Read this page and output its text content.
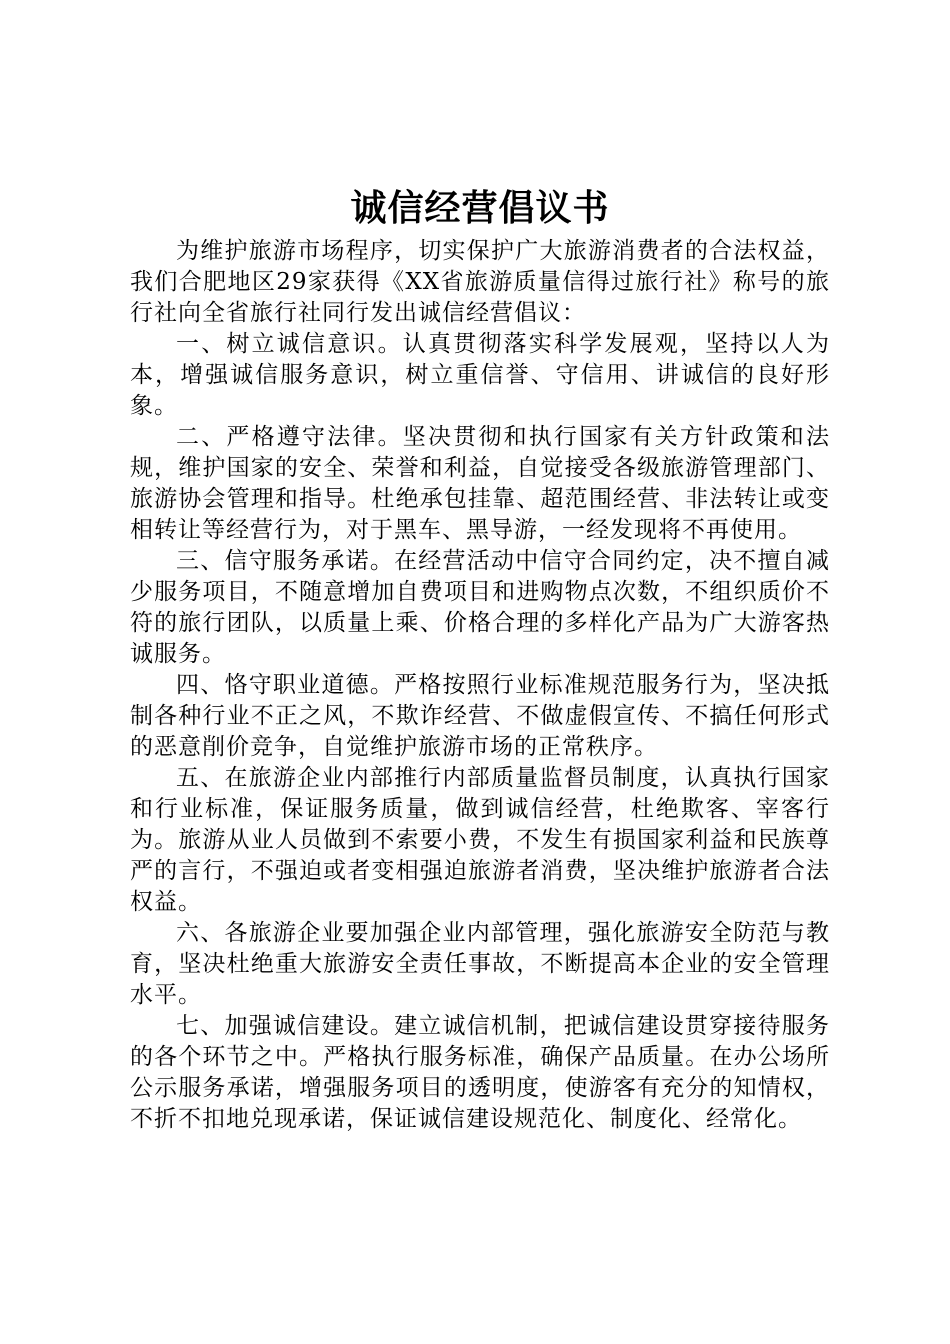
诚信经营倡议书

为维护旅游市场程序，切实保护广大旅游消费者的合法权益，我们合肥地区29家获得《XX省旅游质量信得过旅行社》称号的旅行社向全省旅行社同行发出诚信经营倡议：

一、树立诚信意识。认真贯彻落实科学发展观，坚持以人为本，增强诚信服务意识，树立重信誉、守信用、讲诚信的良好形象。

二、严格遵守法律。坚决贯彻和执行国家有关方针政策和法规，维护国家的安全、荣誉和利益，自觉接受各级旅游管理部门、旅游协会管理和指导。杜绝承包挂靠、超范围经营、非法转让或变相转让等经营行为，对于黑车、黑导游，一经发现将不再使用。

三、信守服务承诺。在经营活动中信守合同约定，决不擅自减少服务项目，不随意增加自费项目和进购物点次数，不组织质价不符的旅行团队，以质量上乘、价格合理的多样化产品为广大游客热诚服务。

四、恪守职业道德。严格按照行业标准规范服务行为，坚决抵制各种行业不正之风，不欺诈经营、不做虚假宣传、不搞任何形式的恶意削价竞争，自觉维护旅游市场的正常秩序。

五、在旅游企业内部推行内部质量监督员制度，认真执行国家和行业标准，保证服务质量，做到诚信经营，杜绝欺客、宰客行为。旅游从业人员做到不索要小费，不发生有损国家利益和民族尊严的言行，不强迫或者变相强迫旅游者消费，坚决维护旅游者合法权益。

六、各旅游企业要加强企业内部管理，强化旅游安全防范与教育，坚决杜绝重大旅游安全责任事故，不断提高本企业的安全管理水平。

七、加强诚信建设。建立诚信机制，把诚信建设贯穿接待服务的各个环节之中。严格执行服务标准，确保产品质量。在办公场所公示服务承诺，增强服务项目的透明度，使游客有充分的知情权，不折不扣地兑现承诺，保证诚信建设规范化、制度化、经常化。
